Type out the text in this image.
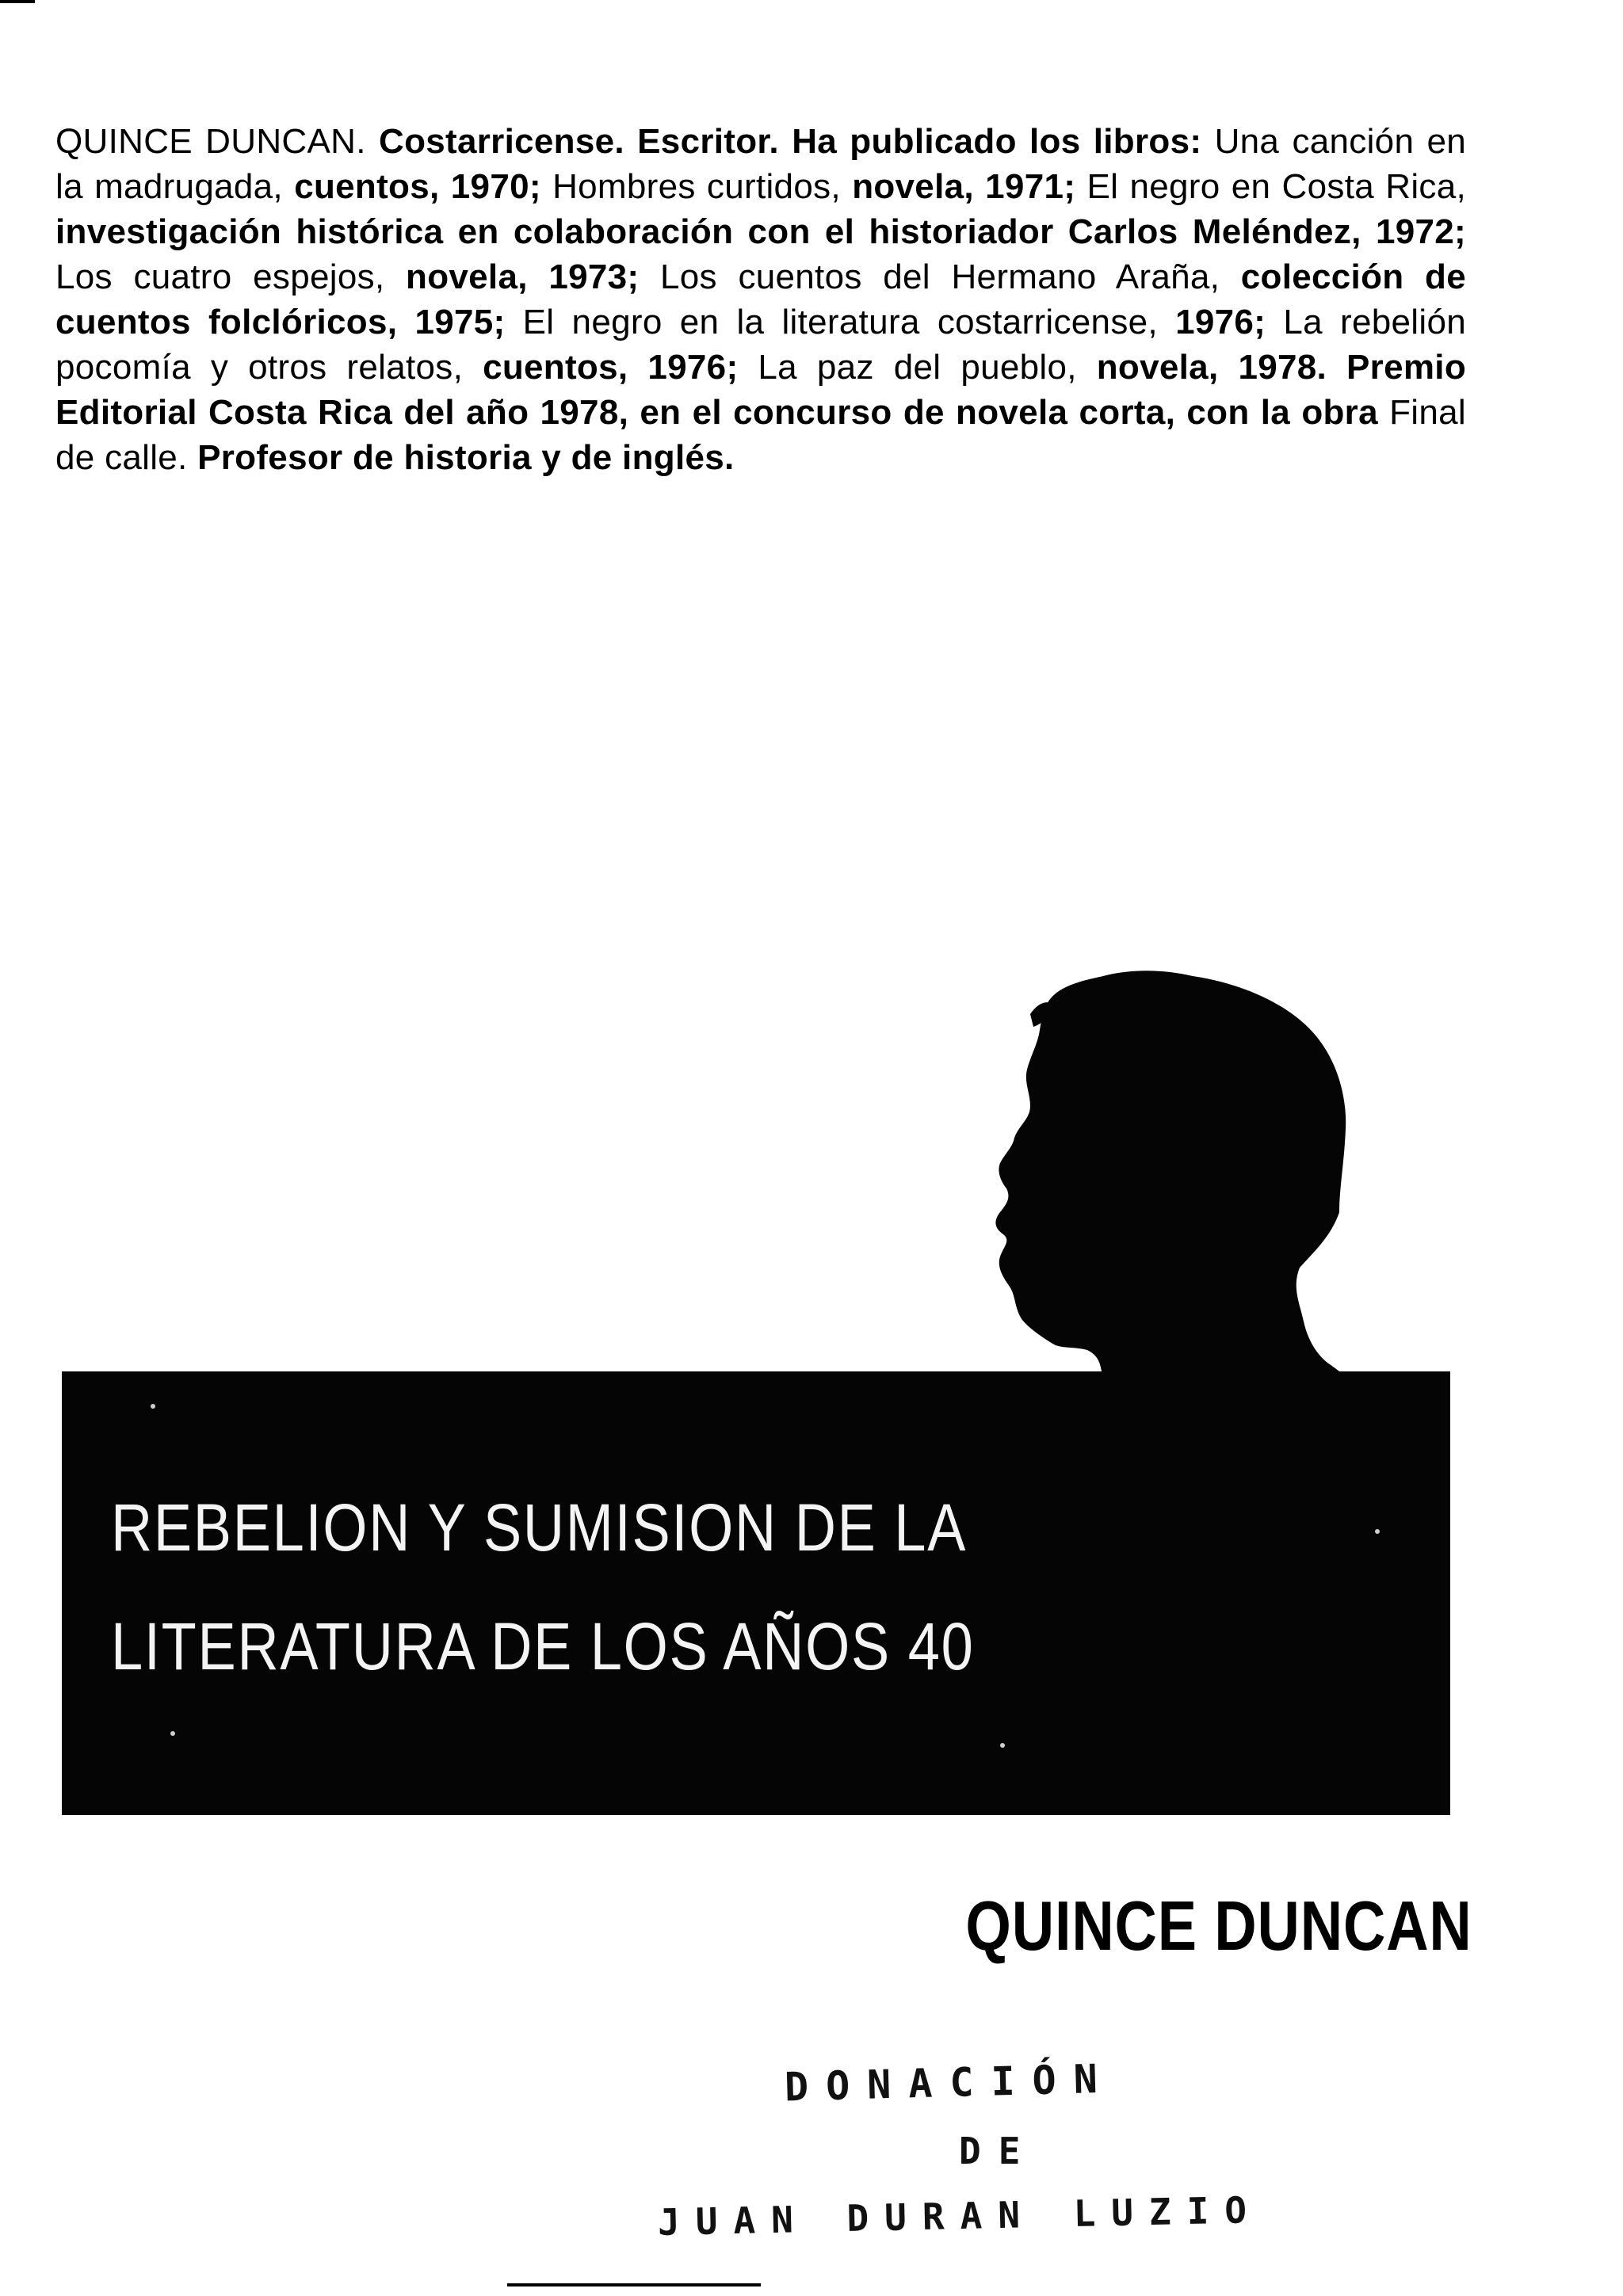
QUINCE DUNCAN. Costarricense. Escritor. Ha publicado los libros: Una canción en la madrugada, cuentos, 1970; Hombres curtidos, novela, 1971; El negro en Costa Rica, investigación histórica en colaboración con el historiador Carlos Meléndez, 1972; Los cuatro espejos, novela, 1973; Los cuentos del Hermano Araña, colección de cuentos folclóricos, 1975; El negro en la literatura costarricense, 1976; La rebelión pocomía y otros relatos, cuentos, 1976; La paz del pueblo, novela, 1978. Premio Editorial Costa Rica del año 1978, en el concurso de novela corta, con la obra Final de calle. Profesor de historia y de inglés.
REBELION Y SUMISION DE LA
LITERATURA DE LOS AÑOS 40
QUINCE DUNCAN
DONACIÓN
DE
JUAN DURAN LUZIO
